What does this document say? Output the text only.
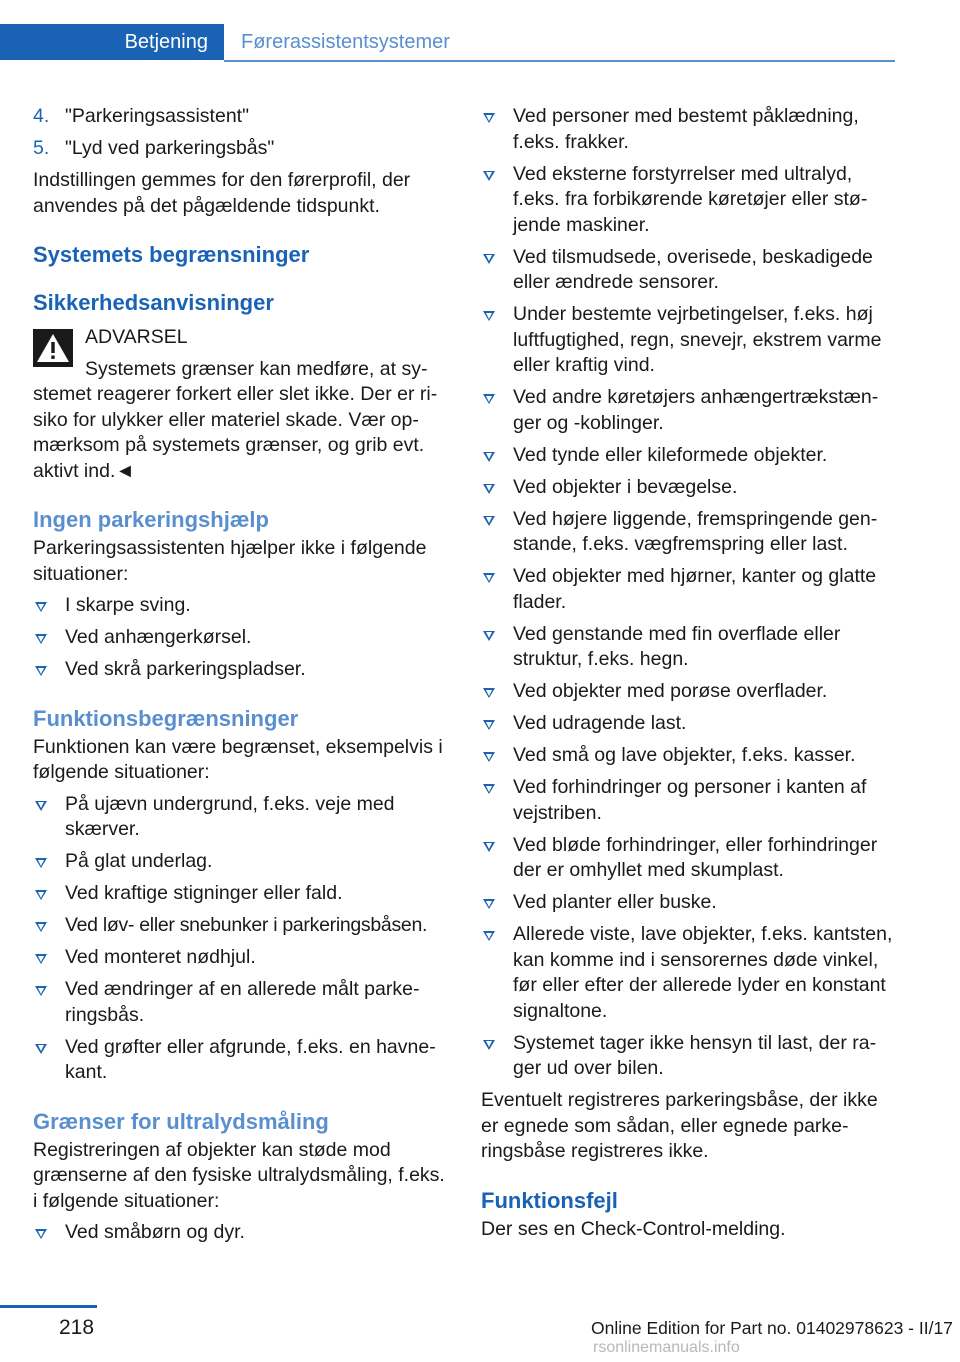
Betjening	Førerassistentsystemer
4. "Parkeringsassistent"
5. "Lyd ved parkeringsbås"

Indstillingen gemmes for den førerprofil, der anvendes på det pågældende tidspunkt.

Systemets begrænsninger
Sikkerhedsanvisninger
ADVARSEL
Systemets grænser kan medføre, at systemet reagerer forkert eller slet ikke. Der er risiko for ulykker eller materiel skade. Vær opmærksom på systemets grænser, og grib evt. aktivt ind.◄
Ingen parkeringshjælp

Parkeringsassistenten hjælper ikke i følgende situationer:

I skarpe sving.
Ved anhængerkørsel.
Ved skrå parkeringspladser.
Funktionsbegrænsninger

Funktionen kan være begrænset, eksempelvis i følgende situationer:

På ujævn undergrund, f.eks. veje med skærver.
På glat underlag.
Ved kraftige stigninger eller fald.
Ved løv- eller snebunker i parkeringsbåsen.
Ved monteret nødhjul.
Ved ændringer af en allerede målt parkeringsbås.
Ved grøfter eller afgrunde, f.eks. en havnekant.
Grænser for ultralydsmåling

Registreringen af objekter kan støde mod grænserne af den fysiske ultralydsmåling, f.eks. i følgende situationer:

Ved småbørn og dyr.
Ved personer med bestemt påklædning, f.eks. frakker.
Ved eksterne forstyrrelser med ultralyd, f.eks. fra forbikørende køretøjer eller støjende maskiner.
Ved tilsmudsede, overisede, beskadigede eller ændrede sensorer.
Under bestemte vejrbetingelser, f.eks. høj luftfugtighed, regn, snevejr, ekstrem varme eller kraftig vind.
Ved andre køretøjers anhængertrækstænger og -koblinger.
Ved tynde eller kileformede objekter.
Ved objekter i bevægelse.
Ved højere liggende, fremspringende genstande, f.eks. vægfremspring eller last.
Ved objekter med hjørner, kanter og glatte flader.
Ved genstande med fin overflade eller struktur, f.eks. hegn.
Ved objekter med porøse overflader.
Ved udragende last.
Ved små og lave objekter, f.eks. kasser.
Ved forhindringer og personer i kanten af vejstriben.
Ved bløde forhindringer, eller forhindringer der er omhyllet med skumplast.
Ved planter eller buske.
Allerede viste, lave objekter, f.eks. kantsten, kan komme ind i sensorernes døde vinkel, før eller efter der allerede lyder en konstant signaltone.
Systemet tager ikke hensyn til last, der rager ud over bilen.

Eventuelt registreres parkeringsbåse, der ikke er egnede som sådan, eller egnede parkeringsbåse registreres ikke.

Funktionsfejl

Der ses en Check-Control-melding.

218	Online Edition for Part no. 01402978623 - II/17
rsonlinemanuals.info
